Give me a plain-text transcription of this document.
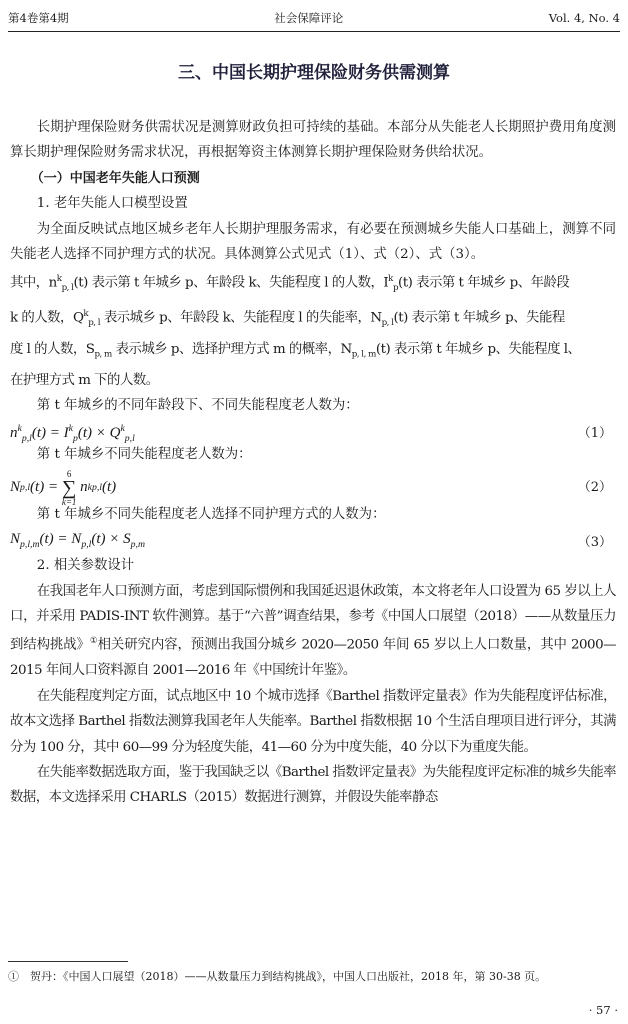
第4卷第4期	社会保障评论	Vol. 4, No. 4
三、中国长期护理保险财务供需测算

长期护理保险财务供需状况是测算财政负担可持续的基础。本部分从失能老人长期照护费用角度测算长期护理保险财务需求状况，再根据筹资主体测算长期护理保险财务供给状况。

（一）中国老年失能人口预测

1. 老年失能人口模型设置

为全面反映试点地区城乡老年人长期护理服务需求，有必要在预测城乡失能人口基础上，测算不同失能老人选择不同护理方式的状况。具体测算公式见式（1）、式（2）、式（3）。

其中，$n^k_{p, l}(t)$ 表示第 t 年城乡 p、年龄段 k、失能程度 l 的人数，$I^k_p(t)$ 表示第 t 年城乡 p、年龄段
k 的人数，$Q^k_{p, l}$ 表示城乡 p、年龄段 k、失能程度 l 的失能率，$N_{p, l}(t)$ 表示第 t 年城乡 p、失能程
度 l 的人数，$S_{p, m}$ 表示城乡 p、选择护理方式 m 的概率，$N_{p, l, m}(t)$ 表示第 t 年城乡 p、失能程度 l、
在护理方式 m 下的人数。

第 t 年城乡的不同年龄段下、不同失能程度老人数为：

$n^k_{p,l}(t) = I^k_p(t) \times Q^k_{p,l}$	（1）

第 t 年城乡不同失能程度老人数为：

N p,l (t) =
6
∑
k=1
n k p,l (t)	（2）

第 t 年城乡不同失能程度老人选择不同护理方式的人数为：

$N_{p,l,m}(t) = N_{p,l}(t) \times S_{p,m}$	（3）

2. 相关参数设计

在我国老年人口预测方面，考虑到国际惯例和我国延迟退休政策，本文将老年人口设置为 65 岁以上人口，并采用 PADIS-INT 软件测算。基于“六普”调查结果，参考《中国人口展望（2018）——从数量压力到结构挑战》①相关研究内容，预测出我国分城乡 2020—2050 年间 65 岁以上人口数量，其中 2000—2015 年间人口资料源自 2001—2016 年《中国统计年鉴》。

在失能程度判定方面，试点地区中 10 个城市选择《Barthel 指数评定量表》作为失能程度评估标准，故本文选择 Barthel 指数法测算我国老年人失能率。Barthel 指数根据 10 个生活自理项目进行评分，其满分为 100 分，其中 60—99 分为轻度失能，41—60 分为中度失能，40 分以下为重度失能。

在失能率数据选取方面，鉴于我国缺乏以《Barthel 指数评定量表》为失能程度评定标准的城乡失能率数据，本文选择采用 CHARLS（2015）数据进行测算，并假设失能率静态

①　贺丹：《中国人口展望（2018）——从数量压力到结构挑战》，中国人口出版社，2018 年，第 30-38 页。
· 57 ·
